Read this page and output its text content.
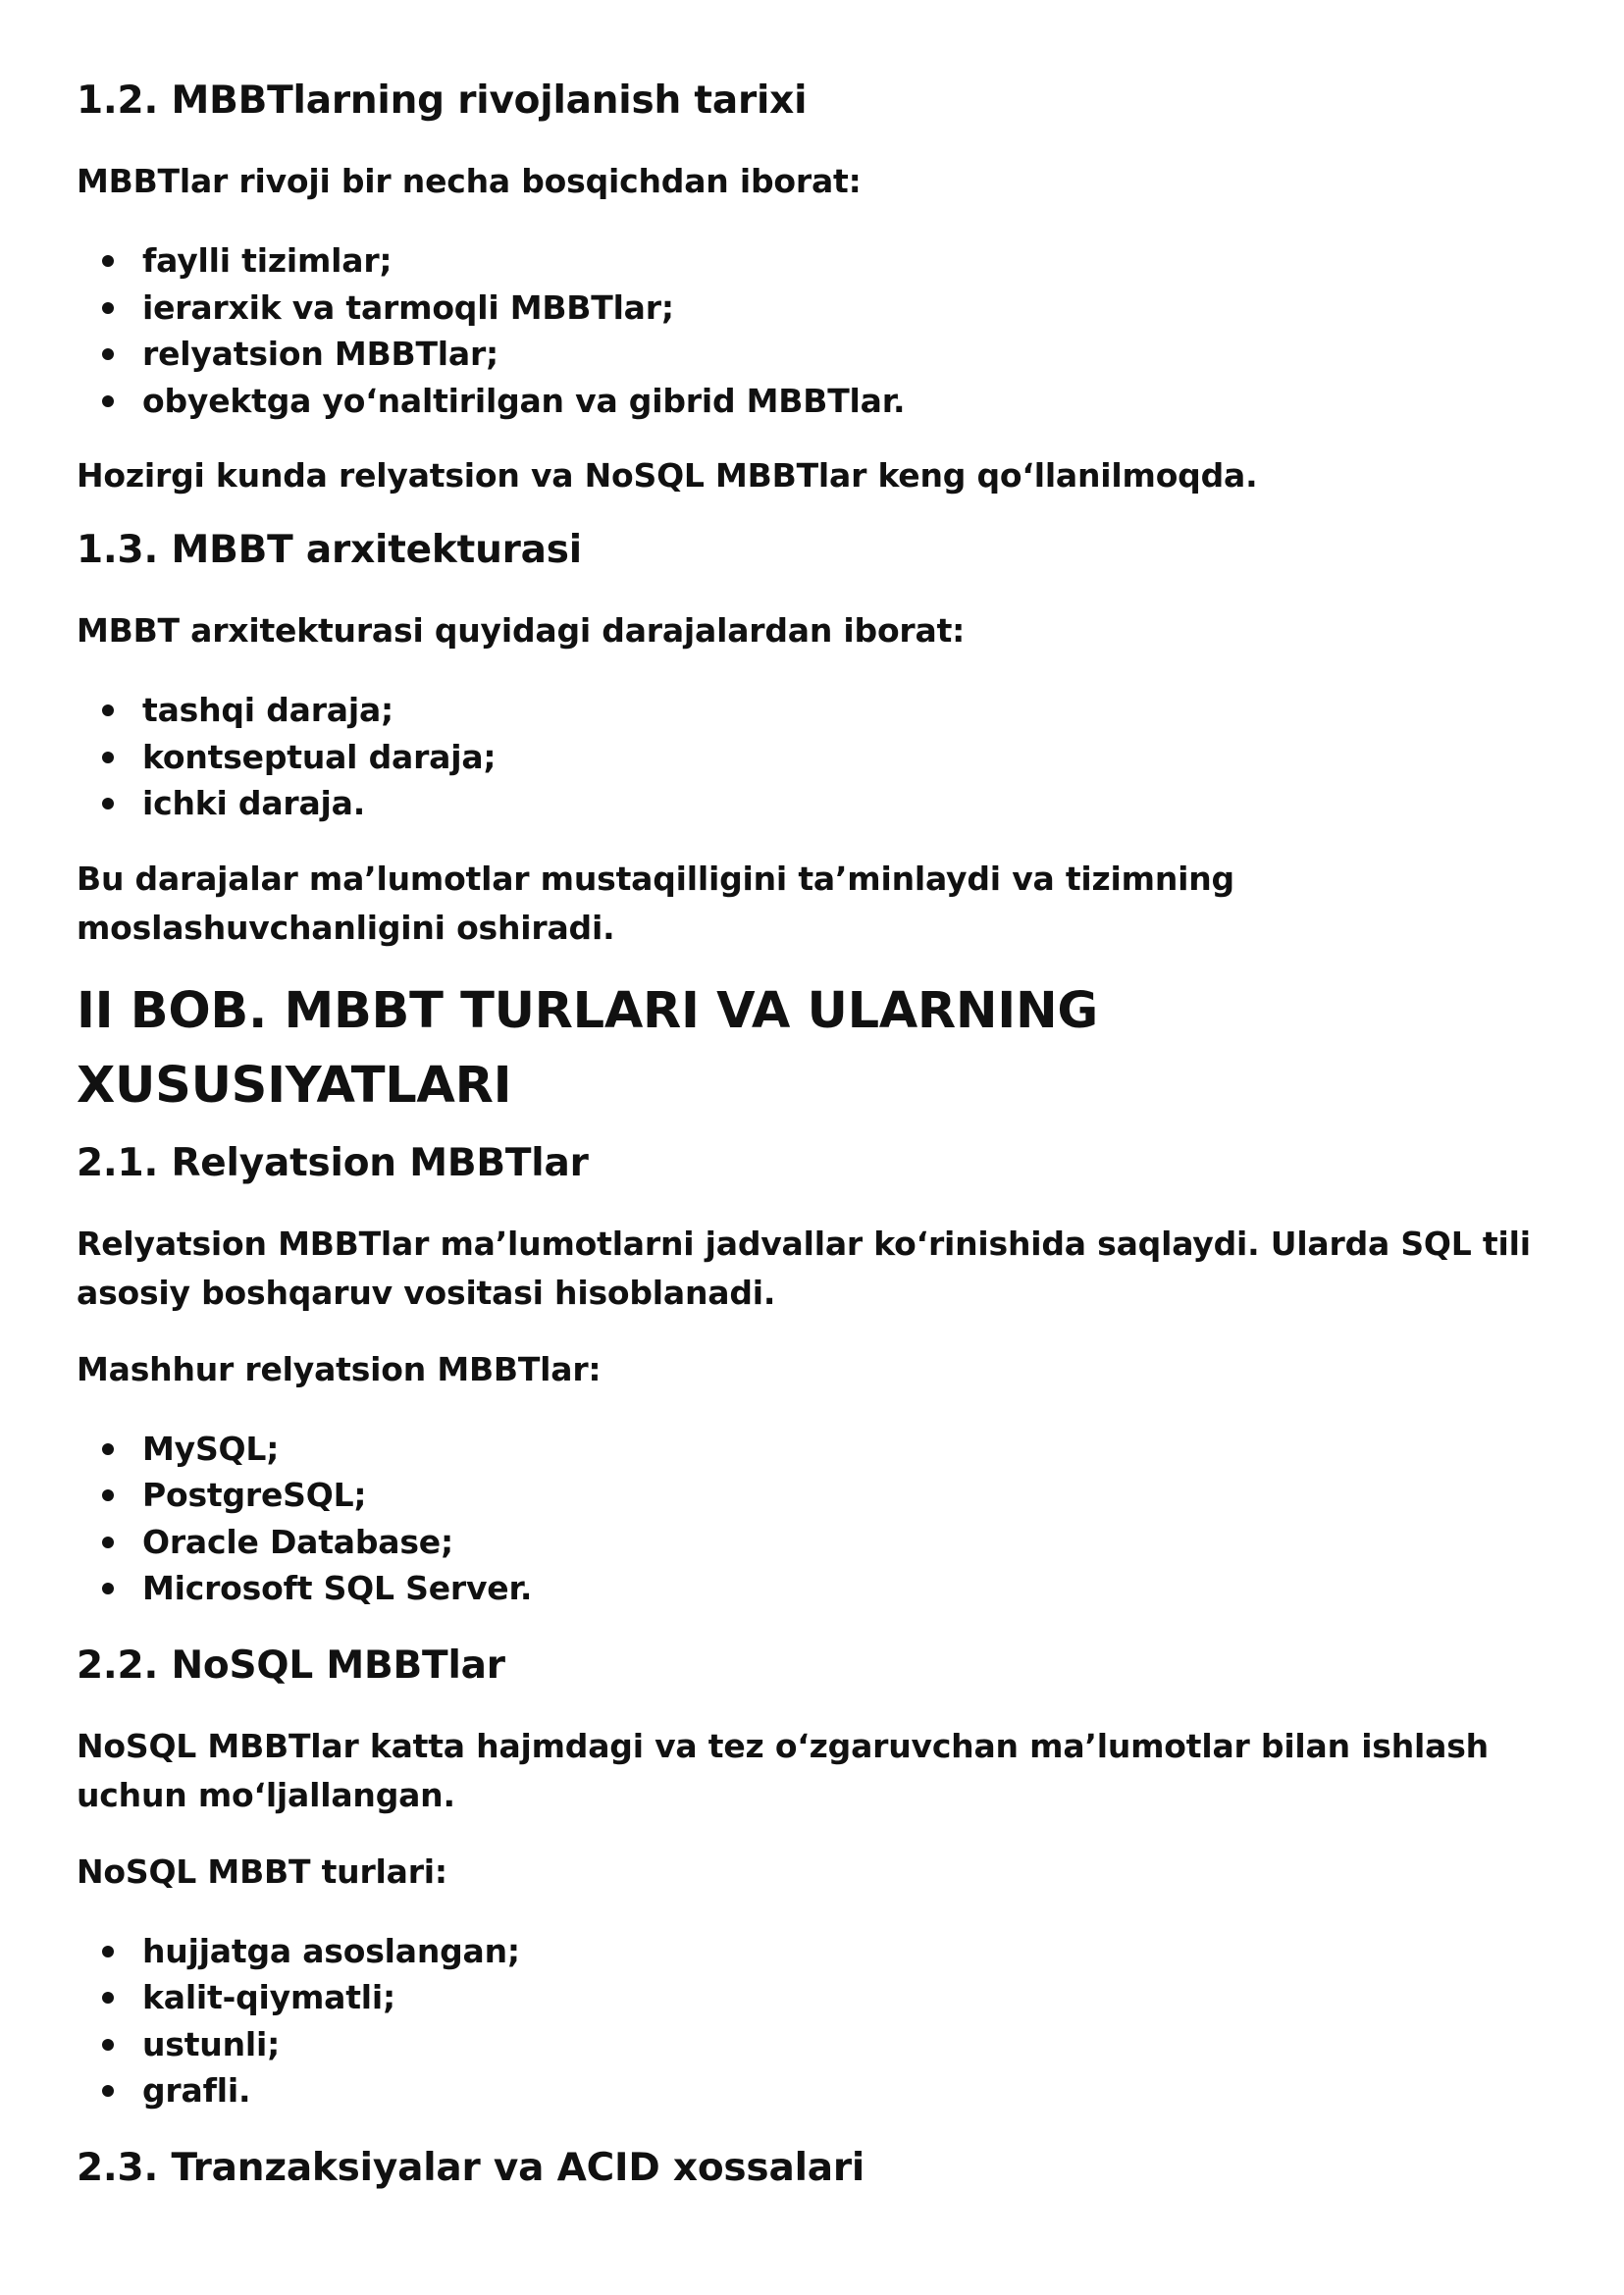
1.2. MBBTlarning rivojlanish tarixi

MBBTlar rivoji bir necha bosqichdan iborat:

faylli tizimlar;
ierarxik va tarmoqli MBBTlar;
relyatsion MBBTlar;
obyektga yo‘naltirilgan va gibrid MBBTlar.

Hozirgi kunda relyatsion va NoSQL MBBTlar keng qo‘llanilmoqda.

1.3. MBBT arxitekturasi

MBBT arxitekturasi quyidagi darajalardan iborat:

tashqi daraja;
kontseptual daraja;
ichki daraja.

Bu darajalar ma’lumotlar mustaqilligini ta’minlaydi va tizimning moslashuvchanligini oshiradi.

II BOB. MBBT TURLARI VA ULARNING XUSUSIYATLARI
2.1. Relyatsion MBBTlar

Relyatsion MBBTlar ma’lumotlarni jadvallar ko‘rinishida saqlaydi. Ularda SQL tili asosiy boshqaruv vositasi hisoblanadi.

Mashhur relyatsion MBBTlar:

MySQL;
PostgreSQL;
Oracle Database;
Microsoft SQL Server.
2.2. NoSQL MBBTlar

NoSQL MBBTlar katta hajmdagi va tez o‘zgaruvchan ma’lumotlar bilan ishlash uchun mo‘ljallangan.

NoSQL MBBT turlari:

hujjatga asoslangan;
kalit-qiymatli;
ustunli;
grafli.
2.3. Tranzaksiyalar va ACID xossalari
